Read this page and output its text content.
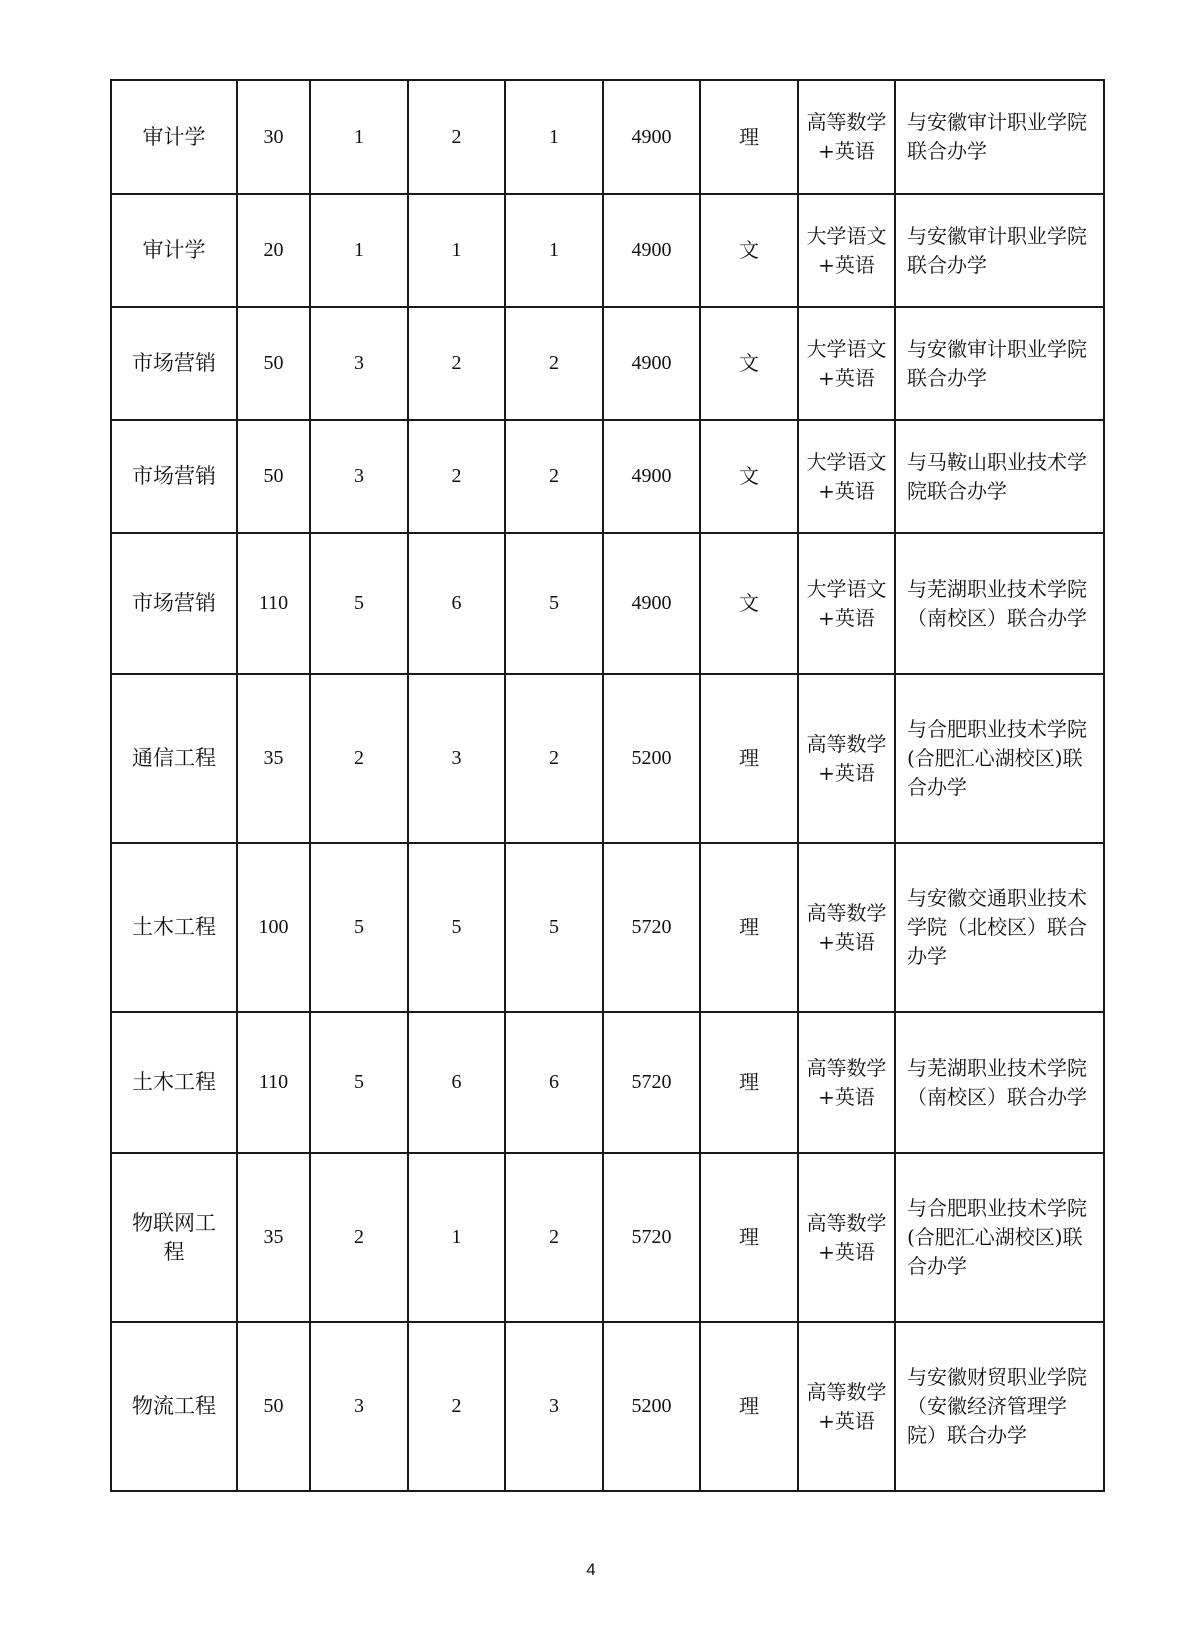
审计学	30	1	2	1	4900	理	高等数学+英语	与安徽审计职业学院联合办学
审计学	20	1	1	1	4900	文	大学语文+英语	与安徽审计职业学院联合办学
市场营销	50	3	2	2	4900	文	大学语文+英语	与安徽审计职业学院联合办学
市场营销	50	3	2	2	4900	文	大学语文+英语	与马鞍山职业技术学院联合办学
市场营销	110	5	6	5	4900	文	大学语文+英语	与芜湖职业技术学院（南校区）联合办学
通信工程	35	2	3	2	5200	理	高等数学+英语	与合肥职业技术学院(合肥汇心湖校区)联合办学
土木工程	100	5	5	5	5720	理	高等数学+英语	与安徽交通职业技术学院（北校区）联合办学
土木工程	110	5	6	6	5720	理	高等数学+英语	与芜湖职业技术学院（南校区）联合办学
物联网工程	35	2	1	2	5720	理	高等数学+英语	与合肥职业技术学院(合肥汇心湖校区)联合办学
物流工程	50	3	2	3	5200	理	高等数学+英语	与安徽财贸职业学院（安徽经济管理学院）联合办学
4
